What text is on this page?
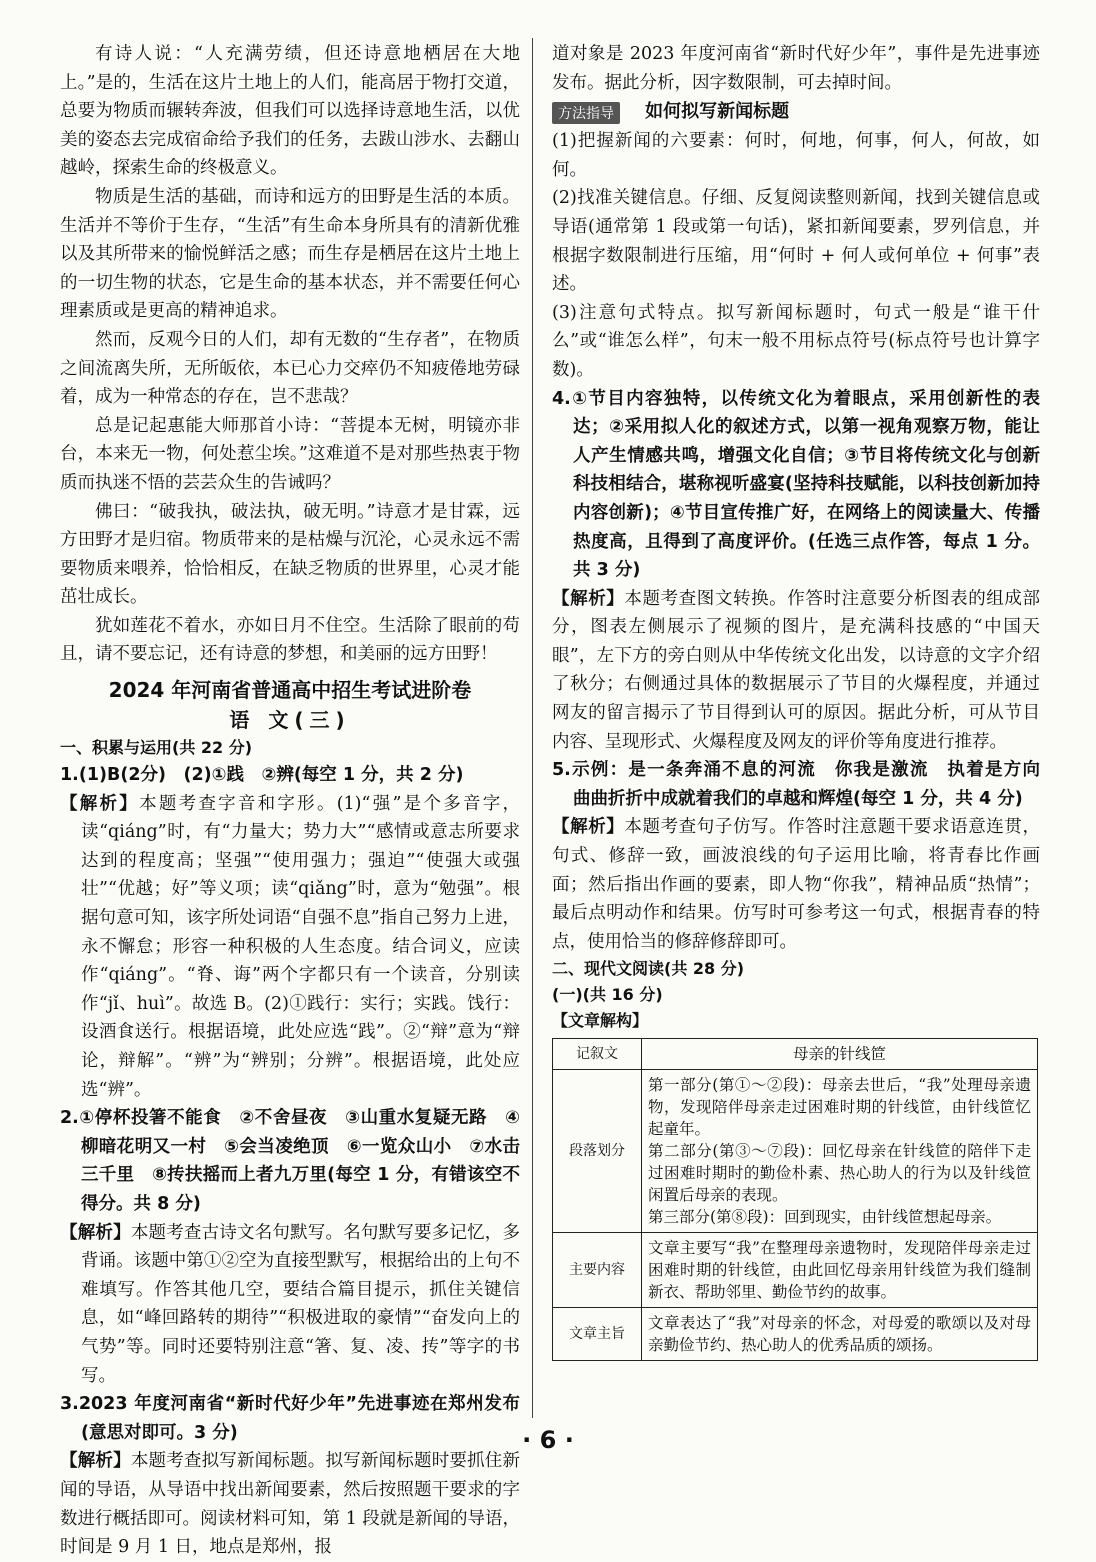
有诗人说：“人充满劳绩，但还诗意地栖居在大地上。”是的，生活在这片土地上的人们，能高居于物打交道，总要为物质而辗转奔波，但我们可以选择诗意地生活，以优美的姿态去完成宿命给予我们的任务，去跋山涉水、去翻山越岭，探索生命的终极意义。

物质是生活的基础，而诗和远方的田野是生活的本质。生活并不等价于生存，“生活”有生命本身所具有的清新优雅以及其所带来的愉悦鲜活之感；而生存是栖居在这片土地上的一切生物的状态，它是生命的基本状态，并不需要任何心理素质或是更高的精神追求。

然而，反观今日的人们，却有无数的“生存者”，在物质之间流离失所，无所皈依，本已心力交瘁仍不知疲倦地劳碌着，成为一种常态的存在，岂不悲哉？

总是记起惠能大师那首小诗：“菩提本无树，明镜亦非台，本来无一物，何处惹尘埃。”这难道不是对那些热衷于物质而执迷不悟的芸芸众生的告诫吗？

佛曰：“破我执，破法执，破无明。”诗意才是甘霖，远方田野才是归宿。物质带来的是枯燥与沉沦，心灵永远不需要物质来喂养，恰恰相反，在缺乏物质的世界里，心灵才能茁壮成长。

犹如莲花不着水，亦如日月不住空。生活除了眼前的苟且，请不要忘记，还有诗意的梦想，和美丽的远方田野！

2024 年河南省普通高中招生考试进阶卷
语 文(三)
一、积累与运用(共 22 分)

1.(1)B(2分)　(2)①践　②辨(每空 1 分，共 2 分)

【解析】本题考查字音和字形。(1)“强”是个多音字，读“qiáng”时，有“力量大；势力大”“感情或意志所要求达到的程度高；坚强”“使用强力；强迫”“使强大或强壮”“优越；好”等义项；读“qiǎng”时，意为“勉强”。根据句意可知，该字所处词语“自强不息”指自己努力上进，永不懈怠；形容一种积极的人生态度。结合词义，应读作“qiáng”。“脊、诲”两个字都只有一个读音，分别读作“jǐ、huì”。故选 B。(2)①践行：实行；实践。饯行：设酒食送行。根据语境，此处应选“践”。②“辩”意为“辩论，辩解”。“辨”为“辨别；分辨”。根据语境，此处应选“辨”。

2.①停杯投箸不能食　②不舍昼夜　③山重水复疑无路　④柳暗花明又一村　⑤会当凌绝顶　⑥一览众山小　⑦水击三千里　⑧抟扶摇而上者九万里(每空 1 分，有错该空不得分。共 8 分)

【解析】本题考查古诗文名句默写。名句默写要多记忆，多背诵。该题中第①②空为直接型默写，根据给出的上句不难填写。作答其他几空，要结合篇目提示，抓住关键信息，如“峰回路转的期待”“积极进取的豪情”“奋发向上的气势”等。同时还要特别注意“箸、复、凌、抟”等字的书写。

3.2023 年度河南省“新时代好少年”先进事迹在郑州发布(意思对即可。3 分)

【解析】本题考查拟写新闻标题。拟写新闻标题时要抓住新闻的导语，从导语中找出新闻要素，然后按照题干要求的字数进行概括即可。阅读材料可知，第 1 段就是新闻的导语，时间是 9 月 1 日，地点是郑州，报

道对象是 2023 年度河南省“新时代好少年”，事件是先进事迹发布。据此分析，因字数限制，可去掉时间。

方法指导 如何拟写新闻标题

(1)把握新闻的六要素：何时，何地，何事，何人，何故，如何。

(2)找准关键信息。仔细、反复阅读整则新闻，找到关键信息或导语(通常第 1 段或第一句话)，紧扣新闻要素，罗列信息，并根据字数限制进行压缩，用“何时 + 何人或何单位 + 何事”表述。

(3)注意句式特点。拟写新闻标题时，句式一般是“谁干什么”或“谁怎么样”，句末一般不用标点符号(标点符号也计算字数)。

4.①节目内容独特，以传统文化为着眼点，采用创新性的表达；②采用拟人化的叙述方式，以第一视角观察万物，能让人产生情感共鸣，增强文化自信；③节目将传统文化与创新科技相结合，堪称视听盛宴(坚持科技赋能，以科技创新加持内容创新)；④节目宣传推广好，在网络上的阅读量大、传播热度高，且得到了高度评价。(任选三点作答，每点 1 分。共 3 分)

【解析】本题考查图文转换。作答时注意要分析图表的组成部分，图表左侧展示了视频的图片，是充满科技感的“中国天眼”，左下方的旁白则从中华传统文化出发，以诗意的文字介绍了秋分；右侧通过具体的数据展示了节目的火爆程度，并通过网友的留言揭示了节目得到认可的原因。据此分析，可从节目内容、呈现形式、火爆程度及网友的评价等角度进行推荐。

5.示例：是一条奔涌不息的河流　你我是激流　执着是方向　曲曲折折中成就着我们的卓越和辉煌(每空 1 分，共 4 分)

【解析】本题考查句子仿写。作答时注意题干要求语意连贯，句式、修辞一致，画波浪线的句子运用比喻，将青春比作画面；然后指出作画的要素，即人物“你我”，精神品质“热情”；最后点明动作和结果。仿写时可参考这一句式，根据青春的特点，使用恰当的修辞修辞即可。

二、现代文阅读(共 28 分)
(一)(共 16 分)
【文章解构】
记叙文	母亲的针线笸
段落划分	第一部分(第①～②段)：母亲去世后，“我”处理母亲遗物，发现陪伴母亲走过困难时期的针线笸，由针线笸忆起童年。
第二部分(第③～⑦段)：回忆母亲在针线笸的陪伴下走过困难时期时的勤俭朴素、热心助人的行为以及针线笸闲置后母亲的表现。
第三部分(第⑧段)：回到现实，由针线笸想起母亲。

主要内容	文章主要写“我”在整理母亲遗物时，发现陪伴母亲走过困难时期的针线笸，由此回忆母亲用针线笸为我们缝制新衣、帮助邻里、勤俭节约的故事。
文章主旨	文章表达了“我”对母亲的怀念，对母爱的歌颂以及对母亲勤俭节约、热心助人的优秀品质的颂扬。
· 6 ·
